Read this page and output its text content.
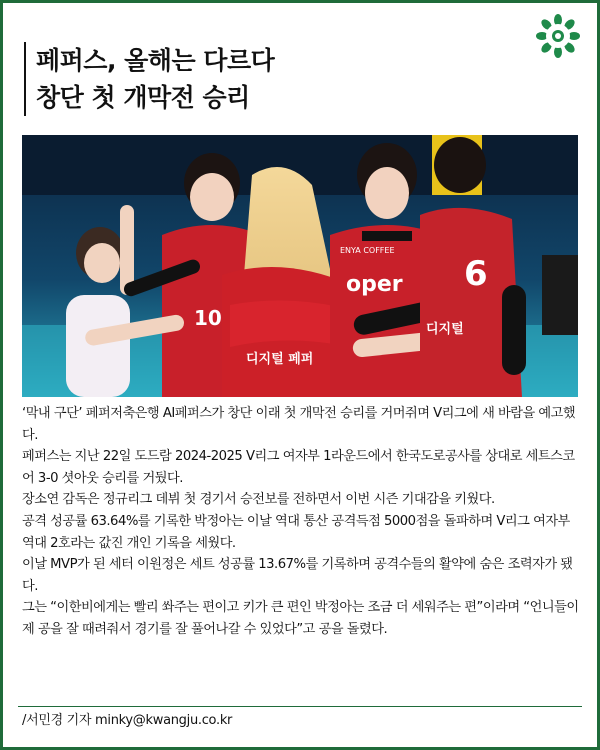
페퍼스, 올해는 다르다
창단 첫 개막전 승리
10
디지털 페퍼
ENYA COFFEE
oper 6
디지털

‘막내 구단’ 페퍼저축은행 AI페퍼스가 창단 이래 첫 개막전 승리를 거머쥐며 V리그에 새 바람을 예고했다.

페퍼스는 지난 22일 도드람 2024-2025 V리그 여자부 1라운드에서 한국도로공사를 상대로 세트스코어 3-0 셧아웃 승리를 거뒀다.

장소연 감독은 정규리그 데뷔 첫 경기서 승전보를 전하면서 이번 시즌 기대감을 키웠다.

공격 성공률 63.64%를 기록한 박정아는 이날 역대 통산 공격득점 5000점을 돌파하며 V리그 여자부 역대 2호라는 값진 개인 기록을 세웠다.

이날 MVP가 된 세터 이원정은 세트 성공률 13.67%를 기록하며 공격수들의 활약에 숨은 조력자가 됐다.

그는 “이한비에게는 빨리 쏴주는 편이고 키가 큰 편인 박정아는 조금 더 세워주는 편”이라며 “언니들이 제 공을 잘 때려줘서 경기를 잘 풀어나갈 수 있었다”고 공을 돌렸다.

/서민경 기자 minky@kwangju.co.kr
